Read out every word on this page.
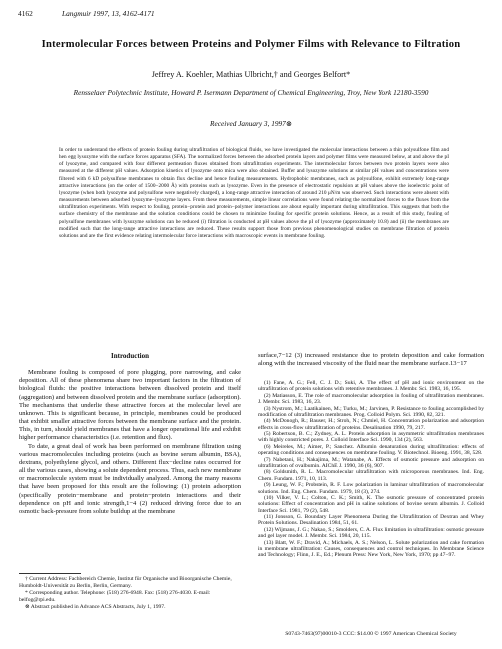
4162	Langmuir 1997, 13, 4162-4171
Intermolecular Forces between Proteins and Polymer Films with Relevance to Filtration
Jeffrey A. Koehler, Mathias Ulbricht,† and Georges Belfort*
Rensselaer Polytechnic Institute, Howard P. Isermann Department of Chemical Engineering, Troy, New York 12180-3590
Received January 3, 1997⊗
In order to understand the effects of protein fouling during ultrafiltration of biological fluids, we have investigated the molecular interactions between a thin polysulfone film and hen egg lysozyme with the surface forces apparatus (SFA). The normalized forces between the adsorbed protein layers and polymer films were measured below, at and above the pI of lysozyme, and compared with four different permeation fluxes obtained from ultrafiltration experiments. The intermolecular forces between two protein layers were also measured at the different pH values. Adsorption kinetics of lysozyme onto mica were also obtained. Buffer and lysozyme solutions at similar pH values and concentrations were filtered with 6 kD polysulfone membranes to obtain flux decline and hence fouling measurements. Hydrophobic membranes, such as polysulfone, exhibit extremely long-range attractive interactions (on the order of 1500−2000 Å) with proteins such as lysozyme. Even in the presence of electrostatic repulsion at pH values above the isoelectric point of lysozyme (when both lysozyme and polysulfone were negatively charged), a long-range attractive interaction of around 210 μN/m was observed. Such interactions were absent with measurements between adsorbed lysozyme−lysozyme layers. From these measurements, simple linear correlations were found relating the normalized forces to the fluxes from the ultrafiltration experiments. With respect to fouling, protein−protein and protein−polymer interactions are about equally important during ultrafiltration. This suggests that both the surface chemistry of the membrane and the solution conditions could be chosen to minimize fouling for specific protein solutions. Hence, as a result of this study, fouling of polysulfone membranes with lysozyme solutions can be reduced (i) filtration is conducted at pH values above the pI of lysozyme (approximately 10.8) and (ii) the membranes are modified such that the long-range attractive interactions are reduced. These results support those from previous phenomenological studies on membrane filtration of protein solutions and are the first evidence relating intermolecular force interactions with macroscopic events in membrane fouling.
Introduction

Membrane fouling is composed of pore plugging, pore narrowing, and cake deposition. All of these phenomena share two important factors in the filtration of biological fluids: the positive interactions between dissolved protein and itself (aggregation) and between dissolved protein and the membrane surface (adsorption). The mechanisms that underlie these attractive forces at the molecular level are unknown. This is significant because, in principle, membranes could be produced that exhibit smaller attractive forces between the membrane surface and the protein. This, in turn, should yield membranes that have a longer operational life and exhibit higher performance characteristics (i.e. retention and flux).

To date, a great deal of work has been performed on membrane filtration using various macromolecules including proteins (such as bovine serum albumin, BSA), dextrans, polyethylene glycol, and others. Different flux−decline rates occurred for all the various cases, showing a solute dependent process. Thus, each new membrane or macromolecule system must be individually analyzed. Among the many reasons that have been proposed for this result are the following: (1) protein adsorption (specifically protein−membrane and protein−protein interactions and their dependence on pH and ionic strength,1−4 (2) reduced driving force due to an osmotic back-pressure from solute buildup at the membrane

† Current Address: Fachbereich Chemie, Institut für Organische und Bioorganische Chemie, Humboldt-Universität zu Berlin, Berlin, Germany.

* Corresponding author. Telephone: (518) 276-6948. Fax: (518) 276-4030. E-mail: belfog@rpi.edu.

⊗ Abstract published in Advance ACS Abstracts, July 1, 1997.

surface,7−12 (3) increased resistance due to protein deposition and cake formation along with the increased viscosity of the fluid near the membrane surface.13−17

(1) Fane, A. G.; Fell, C. J. D.; Suki, A. The effect of pH and ionic environment on the ultrafiltration of protein solutions with retentive membranes. J. Membr. Sci. 1983, 16, 195.

(2) Matiasson, E. The role of macromolecular adsorption in fouling of ultrafiltration membranes. J. Membr. Sci. 1983, 16, 23.

(3) Nystrom, M.; Laatikainen, M.; Turku, M.; Jarvinen, P. Resistance to fouling accomplished by modification of ultrafiltration membranes. Prog. Colloid Polym. Sci. 1990, 82, 321.

(4) McDonogh, R.; Bauser, H.; Stroh, N.; Chmiel, H. Concentration polarization and adsorption effects in cross-flow ultrafiltration of proteins. Desalination 1990, 79, 217.

(5) Robertson, B. C.; Zydney, A. L. Protein adsorption in asymmetric ultrafiltration membranes with highly constricted pores. J. Colloid Interface Sci. 1990, 134 (2), 563.

(6) Meireles, M.; Aimer, P.; Sanchez. Albumin denaturation during ultrafiltration: effects of operating conditions and consequences on membrane fouling. V. Biotechnol. Bioeng. 1991, 38, 528.

(7) Nabetani, H.; Nakajima, M.; Watanabe, A. Effects of osmotic pressure and adsorption on ultrafiltration of ovalbumin. AIChE J. 1990, 36 (6), 907.

(8) Goldsmith, R. L. Macromolecular ultrafiltration with microporous membranes. Ind. Eng. Chem. Fundam. 1971, 10, 113.

(9) Leung, W. F.; Probstein, R. F. Low polarization in laminar ultrafiltration of macromolecular solutions. Ind. Eng. Chem. Fundam. 1979, 18 (3), 274.

(10) Vilker, V. L.; Colton, C. K.; Smith, K. The osmotic pressure of concentrated protein solutions: Effect of concentration and pH in saline solutions of bovine serum albumin. J. Colloid Interface Sci. 1981, 79 (2), 548.

(11) Jonsson, G. Boundary Layer Phenomena During the Ultrafiltration of Dextran and Whey Protein Solutions. Desalination 1984, 51, 61.

(12) Wijmans, J. G.; Nakao, S.; Smolders, C. A. Flux limitation in ultrafiltration: osmotic pressure and gel layer model. J. Membr. Sci. 1984, 20, 115.

(13) Blatt, W. F.; Dravid, A.; Michaels, A. S.; Nelson, L. Solute polarization and cake formation in membrane ultrafiltration: Causes, consequences and control techniques. In Membrane Science and Technology; Flinn, J. E., Ed.; Plenum Press: New York, New York, 1970; pp 47−97.

S0743-7463(97)00010-3 CCC: $14.00 © 1997 American Chemical Society
